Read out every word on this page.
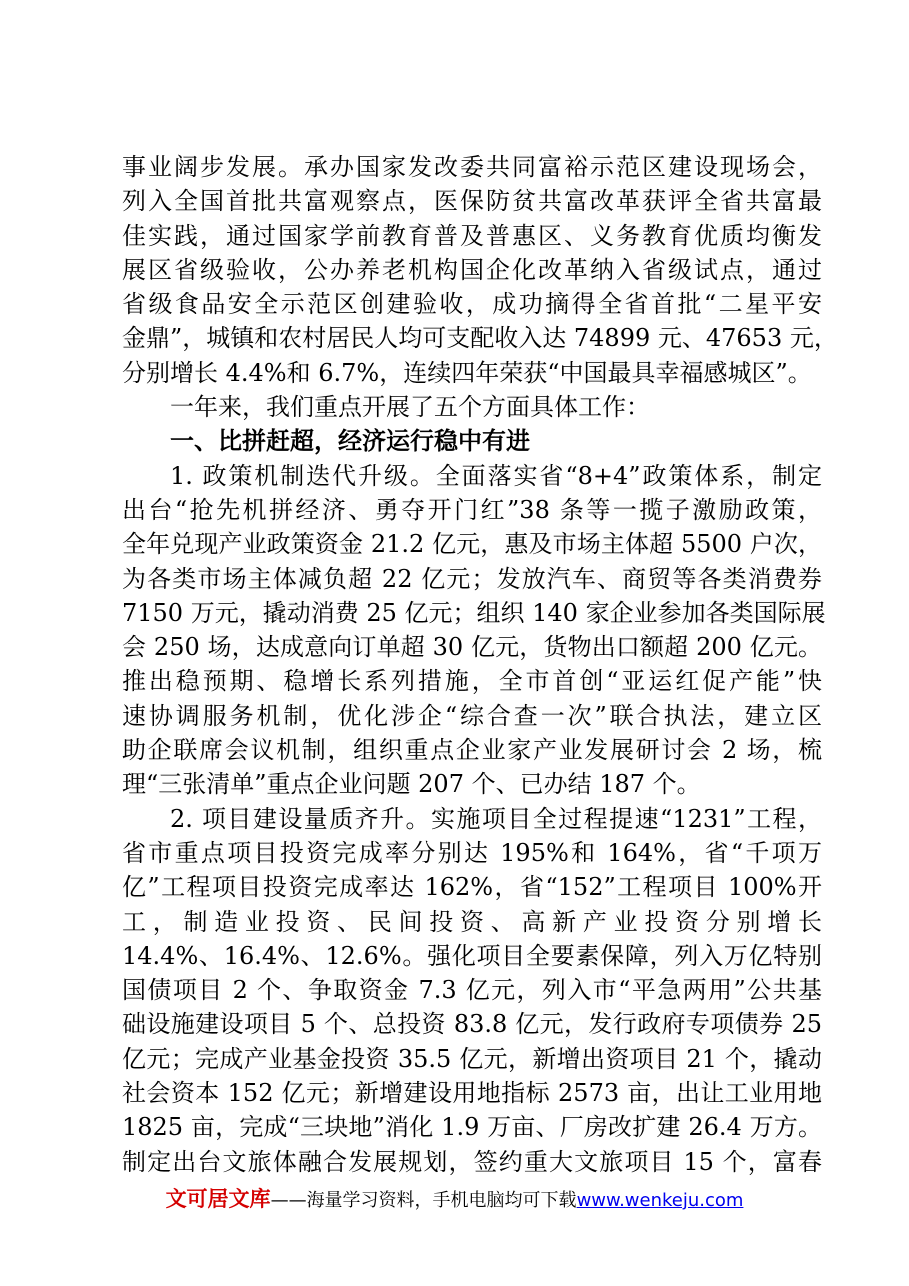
事业阔步发展。承办国家发改委共同富裕示范区建设现场会，
列入全国首批共富观察点，医保防贫共富改革获评全省共富最
佳实践，通过国家学前教育普及普惠区、义务教育优质均衡发
展区省级验收，公办养老机构国企化改革纳入省级试点，通过
省级食品安全示范区创建验收，成功摘得全省首批“二星平安
金鼎”，城镇和农村居民人均可支配收入达 74899 元、47653 元，
分别增长 4.4%和 6.7%，连续四年荣获“中国最具幸福感城区”。
一年来，我们重点开展了五个方面具体工作：
一、比拼赶超，经济运行稳中有进
1. 政策机制迭代升级。全面落实省“8+4”政策体系，制定
出台“抢先机拼经济、勇夺开门红”38 条等一揽子激励政策，
全年兑现产业政策资金 21.2 亿元，惠及市场主体超 5500 户次，
为各类市场主体减负超 22 亿元；发放汽车、商贸等各类消费券
7150 万元，撬动消费 25 亿元；组织 140 家企业参加各类国际展
会 250 场，达成意向订单超 30 亿元，货物出口额超 200 亿元。
推出稳预期、稳增长系列措施，全市首创“亚运红促产能”快
速协调服务机制，优化涉企“综合查一次”联合执法，建立区
助企联席会议机制，组织重点企业家产业发展研讨会 2 场，梳
理“三张清单”重点企业问题 207 个、已办结 187 个。
2. 项目建设量质齐升。实施项目全过程提速“1231”工程，
省市重点项目投资完成率分别达 195%和 164%，省“千项万
亿”工程项目投资完成率达 162%，省“152”工程项目 100%开
工，制造业投资、民间投资、高新产业投资分别增长
14.4%、16.4%、12.6%。强化项目全要素保障，列入万亿特别
国债项目 2 个、争取资金 7.3 亿元，列入市“平急两用”公共基
础设施建设项目 5 个、总投资 83.8 亿元，发行政府专项债券 25
亿元；完成产业基金投资 35.5 亿元，新增出资项目 21 个，撬动
社会资本 152 亿元；新增建设用地指标 2573 亩，出让工业用地
1825 亩，完成“三块地”消化 1.9 万亩、厂房改扩建 26.4 万方。
制定出台文旅体融合发展规划，签约重大文旅项目 15 个，富春
文可居文库——海量学习资料，手机电脑均可下载www.wenkeju.com
